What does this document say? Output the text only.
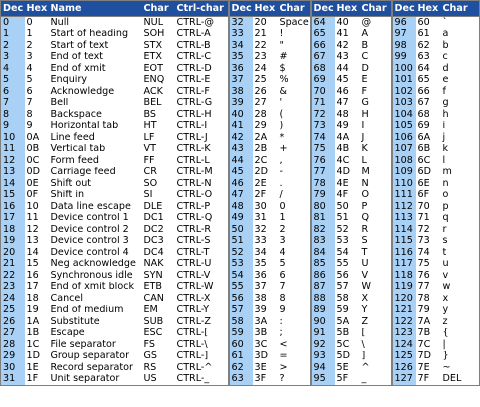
Dec	Hex	Name	Char	Ctrl-char	Dec	Hex	Char	Dec	Hex	Char	Dec	Hex	Char
0	0	Null	NUL	CTRL-@	32	20	Space	64	40	@	96	60	`
1	1	Start of heading	SOH	CTRL-A	33	21	!	65	41	A	97	61	a
2	2	Start of text	STX	CTRL-B	34	22	"	66	42	B	98	62	b
3	3	End of text	ETX	CTRL-C	35	23	#	67	43	C	99	63	c
4	4	End of xmit	EOT	CTRL-D	36	24	$	68	44	D	100	64	d
5	5	Enquiry	ENQ	CTRL-E	37	25	%	69	45	E	101	65	e
6	6	Acknowledge	ACK	CTRL-F	38	26	&	70	46	F	102	66	f
7	7	Bell	BEL	CTRL-G	39	27	'	71	47	G	103	67	g
8	8	Backspace	BS	CTRL-H	40	28	(	72	48	H	104	68	h
9	9	Horizontal tab	HT	CTRL-I	41	29	)	73	49	I	105	69	i
10	0A	Line feed	LF	CTRL-J	42	2A	*	74	4A	J	106	6A	j
11	0B	Vertical tab	VT	CTRL-K	43	2B	+	75	4B	K	107	6B	k
12	0C	Form feed	FF	CTRL-L	44	2C	,	76	4C	L	108	6C	l
13	0D	Carriage feed	CR	CTRL-M	45	2D	-	77	4D	M	109	6D	m
14	0E	Shift out	SO	CTRL-N	46	2E	.	78	4E	N	110	6E	n
15	0F	Shift in	SI	CTRL-O	47	2F	/	79	4F	O	111	6F	o
16	10	Data line escape	DLE	CTRL-P	48	30	0	80	50	P	112	70	p
17	11	Device control 1	DC1	CTRL-Q	49	31	1	81	51	Q	113	71	q
18	12	Device control 2	DC2	CTRL-R	50	32	2	82	52	R	114	72	r
19	13	Device control 3	DC3	CTRL-S	51	33	3	83	53	S	115	73	s
20	14	Device control 4	DC4	CTRL-T	52	34	4	84	54	T	116	74	t
21	15	Neg acknowledge	NAK	CTRL-U	53	35	5	85	55	U	117	75	u
22	16	Synchronous idle	SYN	CTRL-V	54	36	6	86	56	V	118	76	v
23	17	End of xmit block	ETB	CTRL-W	55	37	7	87	57	W	119	77	w
24	18	Cancel	CAN	CTRL-X	56	38	8	88	58	X	120	78	x
25	19	End of medium	EM	CTRL-Y	57	39	9	89	59	Y	121	79	y
26	1A	Substitute	SUB	CTRL-Z	58	3A	:	90	5A	Z	122	7A	z
27	1B	Escape	ESC	CTRL-[	59	3B	;	91	5B	[	123	7B	{
28	1C	File separator	FS	CTRL-\	60	3C	<	92	5C	\	124	7C	|
29	1D	Group separator	GS	CTRL-]	61	3D	=	93	5D	]	125	7D	}
30	1E	Record separator	RS	CTRL-^	62	3E	>	94	5E	^	126	7E	~
31	1F	Unit separator	US	CTRL-_	63	3F	?	95	5F	_	127	7F	DEL
